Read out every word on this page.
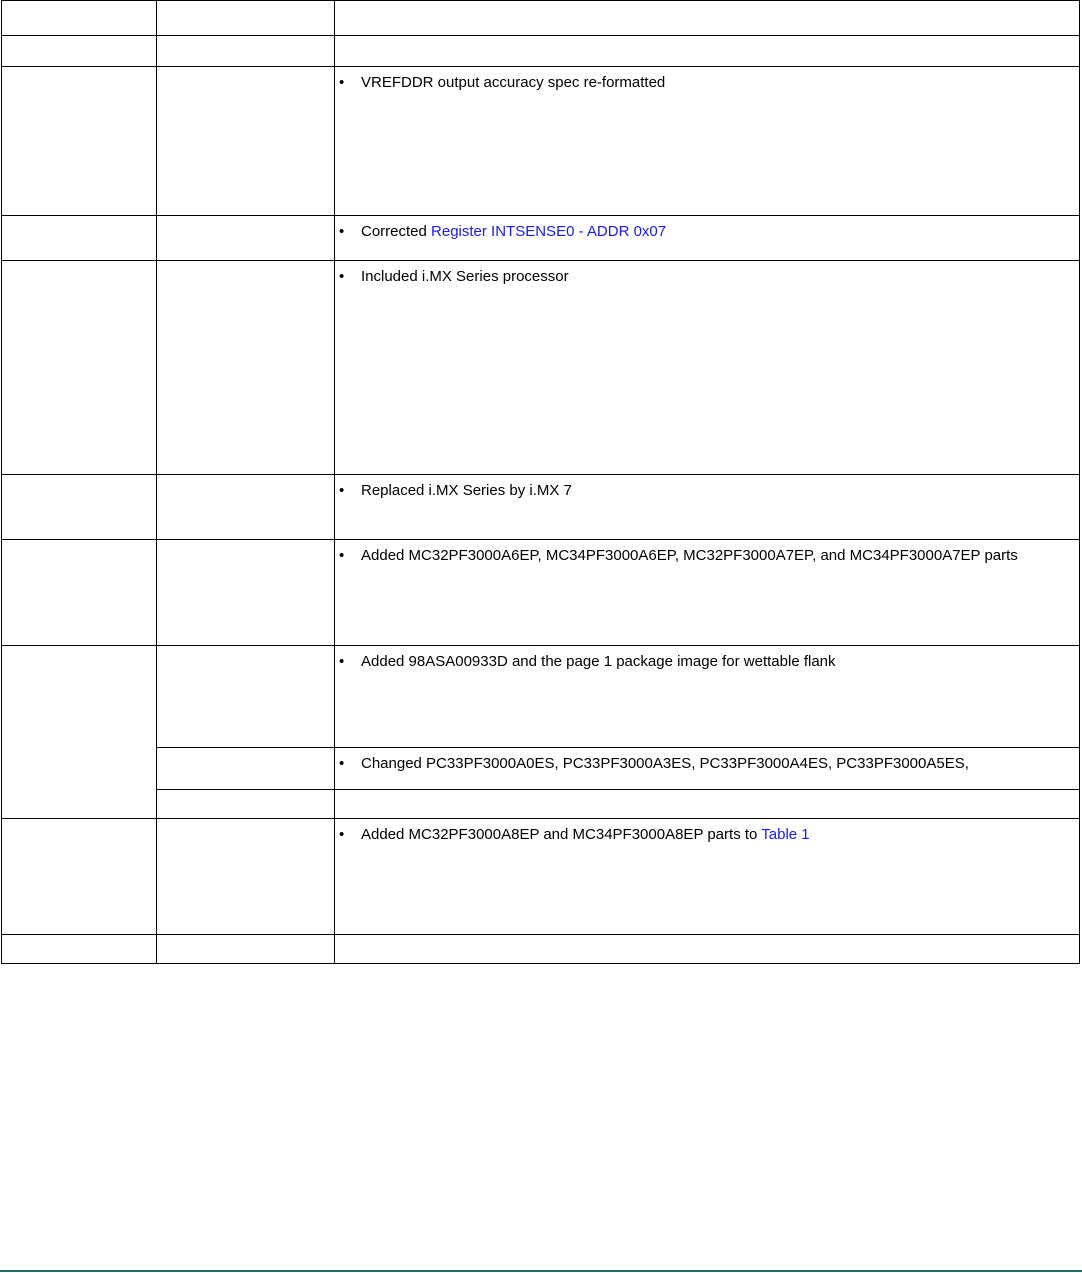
		• VREFDDR output accuracy spec re-formatted

		• Corrected Register INTSENSE0 - ADDR 0x07

		• Included i.MX Series processor

		• Replaced i.MX Series by i.MX 7

		• Added MC32PF3000A6EP, MC34PF3000A6EP, MC32PF3000A7EP, and MC34PF3000A7EP parts

		• Added 98ASA00933D and the page 1 package image for wettable flank

		• Changed PC33PF3000A0ES, PC33PF3000A3ES, PC33PF3000A4ES, PC33PF3000A5ES,

		• Added MC32PF3000A8EP and MC34PF3000A8EP parts to Table 1
